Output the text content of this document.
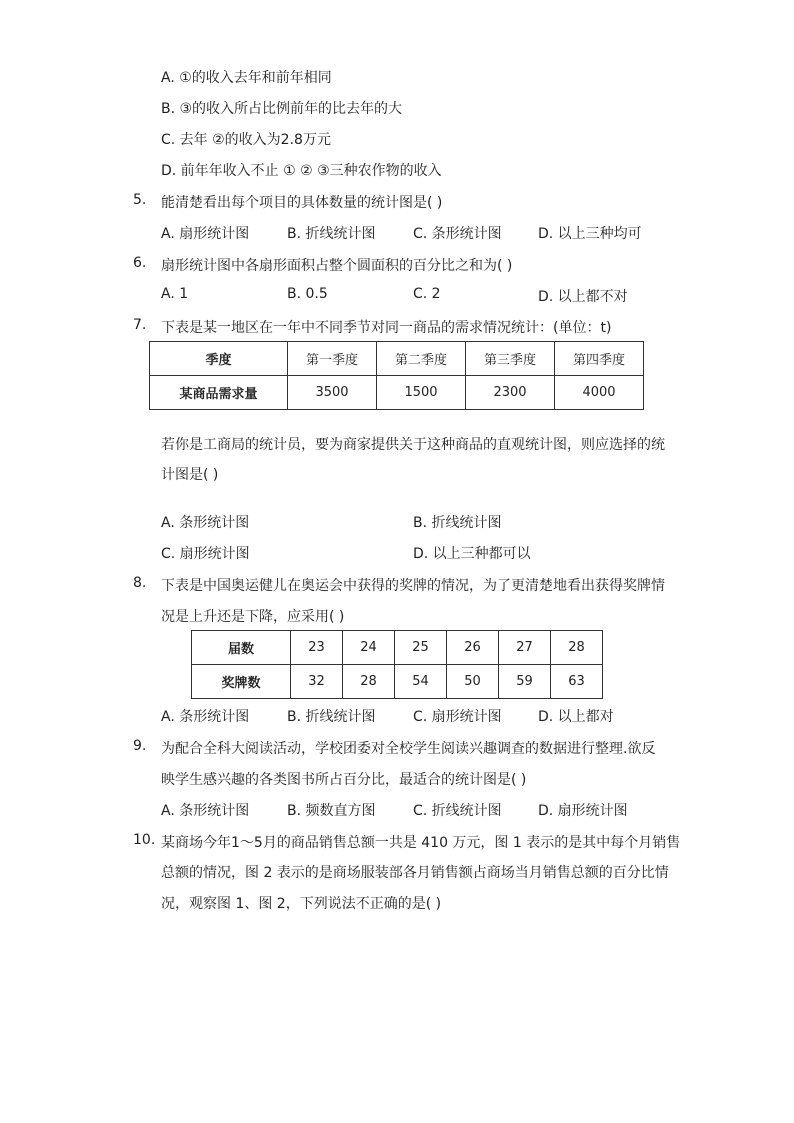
A. ①的收入去年和前年相同
B. ③的收入所占比例前年的比去年的大
C. 去年 ②的收入为2.8万元
D. 前年年收入不止 ① ② ③三种农作物的收入
5.	能清楚看出每个项目的具体数量的统计图是( )
A. 扇形统计图	B. 折线统计图	C. 条形统计图	D. 以上三种均可
6.	扇形统计图中各扇形面积占整个圆面积的百分比之和为( )
A. 1	B. 0.5	C. 2	D. 以上都不对
7.	下表是某一地区在一年中不同季节对同一商品的需求情况统计：(单位：t)
季度	第一季度	第二季度	第三季度	第四季度
某商品需求量	3500	1500	2300	4000
若你是工商局的统计员，要为商家提供关于这种商品的直观统计图，则应选择的统
计图是( )
A. 条形统计图	B. 折线统计图
C. 扇形统计图	D. 以上三种都可以
8.	下表是中国奥运健儿在奥运会中获得的奖牌的情况，为了更清楚地看出获得奖牌情
况是上升还是下降，应采用( )
届数	23	24	25	26	27	28
奖牌数	32	28	54	50	59	63
A. 条形统计图	B. 折线统计图	C. 扇形统计图	D. 以上都对
9.	为配合全科大阅读活动，学校团委对全校学生阅读兴趣调查的数据进行整理.欲反
映学生感兴趣的各类图书所占百分比，最适合的统计图是( )
A. 条形统计图	B. 频数直方图	C. 折线统计图	D. 扇形统计图
10. 某商场今年1～5月的商品销售总额一共是 410 万元，图 1 表示的是其中每个月销售
总额的情况，图 2 表示的是商场服装部各月销售额占商场当月销售总额的百分比情
况，观察图 1、图 2，下列说法不正确的是( )
